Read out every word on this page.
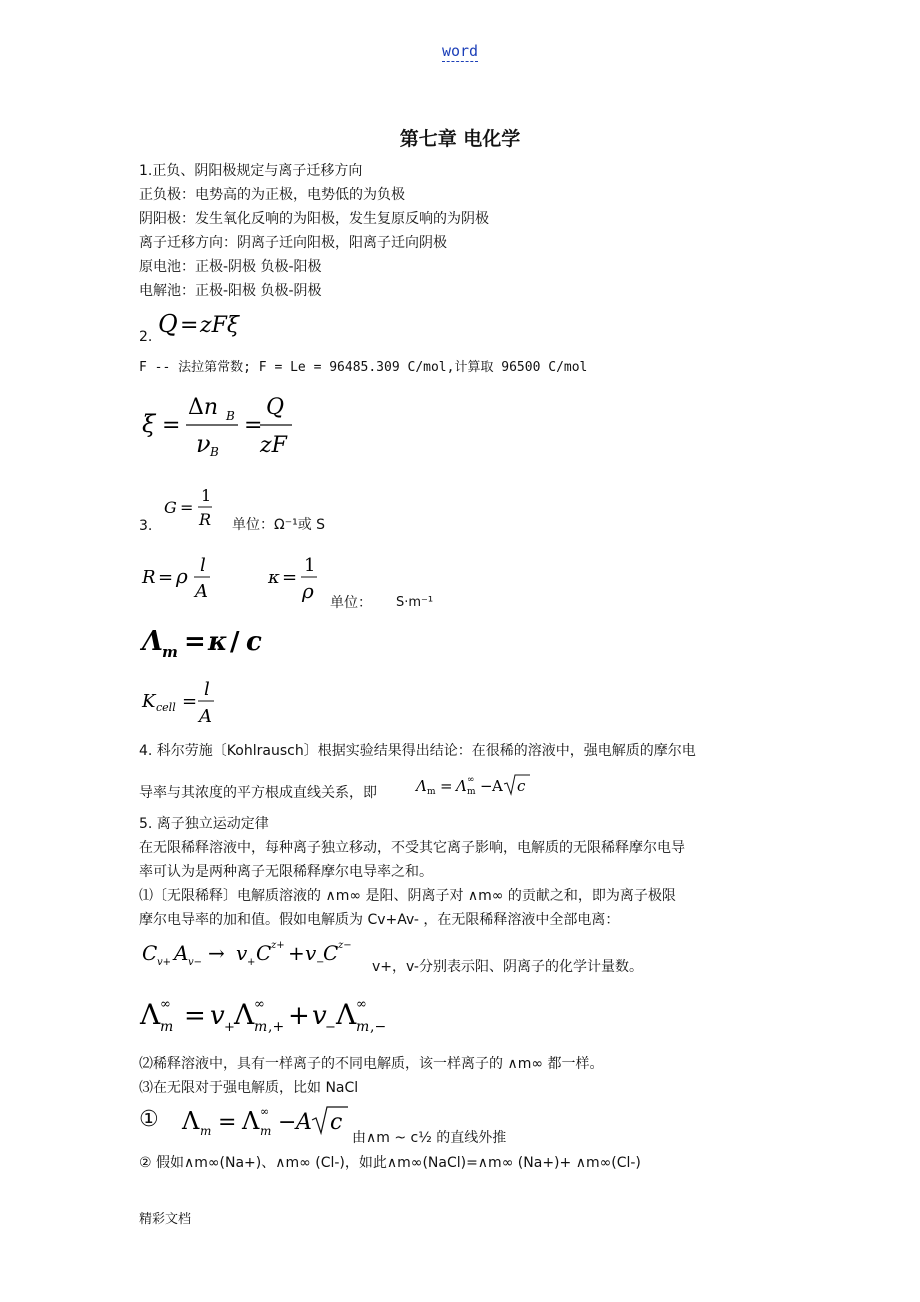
word
第七章 电化学
1.正负、阴阳极规定与离子迁移方向
正负极：电势高的为正极，电势低的为负极
阴阳极：发生氧化反响的为阳极，发生复原反响的为阴极
离子迁移方向：阴离子迁向阳极，阳离子迁向阴极
原电池：正极-阴极 负极-阳极
电解池：正极-阳极 负极-阴极
2. Q = zFξ
F -- 法拉第常数; F = Le = 96485.309 C/mol,计算取 96500 C/mol
ξ =
Δn B
ν B
=
Q
zF
3.
G =
1
R 单位：Ω⁻¹或 S
R = ρ l
A
κ =
1
ρ 单位： S·m⁻¹
Λ m = κ / c
K cell =
l
A
4. 科尔劳施〔Kohlrausch〕根据实验结果得出结论：在很稀的溶液中，强电解质的摩尔电
导率与其浓度的平方根成直线关系，即	Λ m = Λ ∞
m − A c
5. 离子独立运动定律
在无限稀释溶液中，每种离子独立移动，不受其它离子影响，电解质的无限稀释摩尔电导
率可认为是两种离子无限稀释摩尔电导率之和。
⑴〔无限稀释〕电解质溶液的 ∧m∞ 是阳、阴离子对 ∧m∞ 的贡献之和，即为离子极限
摩尔电导率的加和值。假如电解质为 Cv+Av- ，在无限稀释溶液中全部电离：
C v+ A v− → v + C z+ + v −
C z−
v+，v-分别表示阳、阴离子的化学计量数。
Λ ∞
m = v + Λ ∞
m ,+ + v
− Λ ∞
m ,−
⑵稀释溶液中，具有一样离子的不同电解质，该一样离子的 ∧m∞ 都一样。
⑶在无限对于强电解质，比如 NaCl
① Λ m = Λ ∞
m − A c
由∧m ~ c½ 的直线外推
② 假如∧m∞(Na+)、∧m∞ (Cl-)，如此∧m∞(NaCl)=∧m∞ (Na+)+ ∧m∞(Cl-)
精彩文档
